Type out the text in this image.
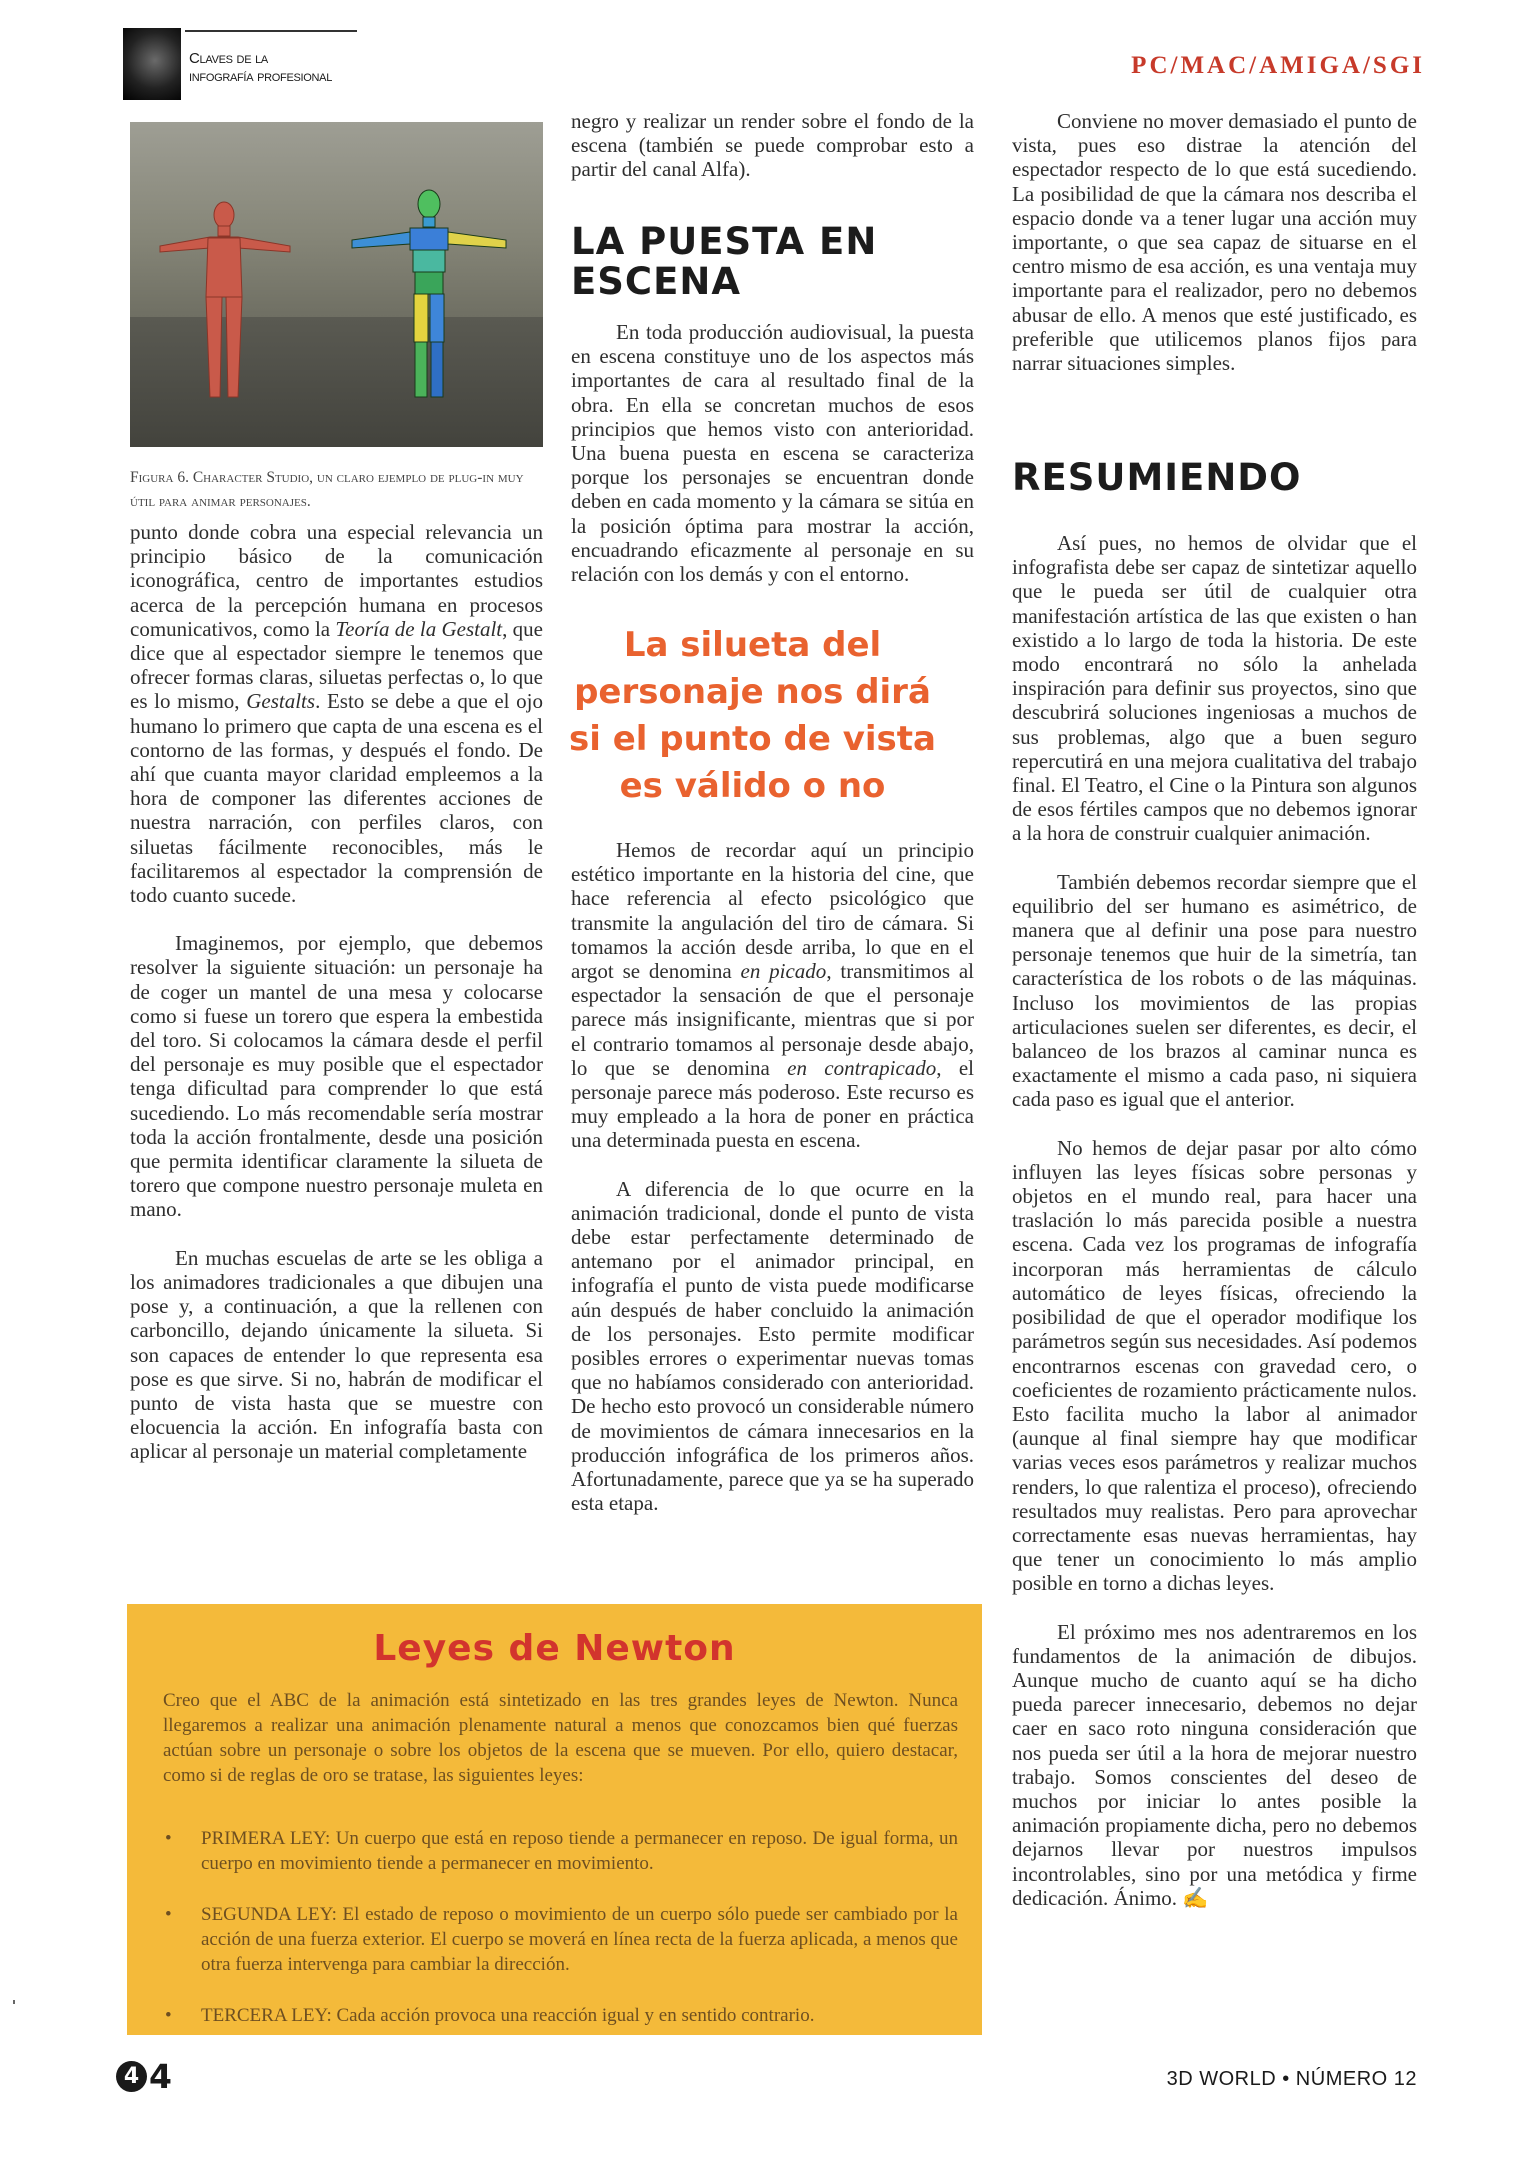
Claves de la
infografía profesional	PC/MAC/AMIGA/SGI
Figura 6. Character Studio, un claro ejemplo de plug-in muy útil para animar personajes.

punto donde cobra una especial relevancia un principio básico de la comunicación iconográfica, centro de importantes estudios acerca de la percepción humana en procesos comunicativos, como la Teoría de la Gestalt, que dice que al espectador siempre le tenemos que ofrecer formas claras, siluetas perfectas o, lo que es lo mismo, Gestalts. Esto se debe a que el ojo humano lo primero que capta de una escena es el contorno de las formas, y después el fondo. De ahí que cuanta mayor claridad empleemos a la hora de componer las diferentes acciones de nuestra narración, con perfiles claros, con siluetas fácilmente reconocibles, más le facilitaremos al espectador la comprensión de todo cuanto sucede.

Imaginemos, por ejemplo, que debemos resolver la siguiente situación: un personaje ha de coger un mantel de una mesa y colocarse como si fuese un torero que espera la embestida del toro. Si colocamos la cámara desde el perfil del personaje es muy posible que el espectador tenga dificultad para comprender lo que está sucediendo. Lo más recomendable sería mostrar toda la acción frontalmente, desde una posición que permita identificar claramente la silueta de torero que compone nuestro personaje muleta en mano.

En muchas escuelas de arte se les obliga a los animadores tradicionales a que dibujen una pose y, a continuación, a que la rellenen con carboncillo, dejando únicamente la silueta. Si son capaces de entender lo que representa esa pose es que sirve. Si no, habrán de modificar el punto de vista hasta que se muestre con elocuencia la acción. En infografía basta con aplicar al personaje un material completamente

negro y realizar un render sobre el fondo de la escena (también se puede comprobar esto a partir del canal Alfa).

LA PUESTA EN ESCENA

En toda producción audiovisual, la puesta en escena constituye uno de los aspectos más importantes de cara al resultado final de la obra. En ella se concretan muchos de esos principios que hemos visto con anterioridad. Una buena puesta en escena se caracteriza porque los personajes se encuentran donde deben en cada momento y la cámara se sitúa en la posición óptima para mostrar la acción, encuadrando eficazmente al personaje en su relación con los demás y con el entorno.

La silueta del personaje nos dirá si el punto de vista es válido o no

Hemos de recordar aquí un principio estético importante en la historia del cine, que hace referencia al efecto psicológico que transmite la angulación del tiro de cámara. Si tomamos la acción desde arriba, lo que en el argot se denomina en picado, transmitimos al espectador la sensación de que el personaje parece más insignificante, mientras que si por el contrario tomamos al personaje desde abajo, lo que se denomina en contrapicado, el personaje parece más poderoso. Este recurso es muy empleado a la hora de poner en práctica una determinada puesta en escena.

A diferencia de lo que ocurre en la animación tradicional, donde el punto de vista debe estar perfectamente determinado de antemano por el animador principal, en infografía el punto de vista puede modificarse aún después de haber concluido la animación de los personajes. Esto permite modificar posibles errores o experimentar nuevas tomas que no habíamos considerado con anterioridad. De hecho esto provocó un considerable número de movimientos de cámara innecesarios en la producción infográfica de los primeros años. Afortunadamente, parece que ya se ha superado esta etapa.

Conviene no mover demasiado el punto de vista, pues eso distrae la atención del espectador respecto de lo que está sucediendo. La posibilidad de que la cámara nos describa el espacio donde va a tener lugar una acción muy importante, o que sea capaz de situarse en el centro mismo de esa acción, es una ventaja muy importante para el realizador, pero no debemos abusar de ello. A menos que esté justificado, es preferible que utilicemos planos fijos para narrar situaciones simples.

RESUMIENDO

Así pues, no hemos de olvidar que el infografista debe ser capaz de sintetizar aquello que le pueda ser útil de cualquier otra manifestación artística de las que existen o han existido a lo largo de toda la historia. De este modo encontrará no sólo la anhelada inspiración para definir sus proyectos, sino que descubrirá soluciones ingeniosas a muchos de sus problemas, algo que a buen seguro repercutirá en una mejora cualitativa del trabajo final. El Teatro, el Cine o la Pintura son algunos de esos fértiles campos que no debemos ignorar a la hora de construir cualquier animación.

También debemos recordar siempre que el equilibrio del ser humano es asimétrico, de manera que al definir una pose para nuestro personaje tenemos que huir de la simetría, tan característica de los robots o de las máquinas. Incluso los movimientos de las propias articulaciones suelen ser diferentes, es decir, el balanceo de los brazos al caminar nunca es exactamente el mismo a cada paso, ni siquiera cada paso es igual que el anterior.

No hemos de dejar pasar por alto cómo influyen las leyes físicas sobre personas y objetos en el mundo real, para hacer una traslación lo más parecida posible a nuestra escena. Cada vez los programas de infografía incorporan más herramientas de cálculo automático de leyes físicas, ofreciendo la posibilidad de que el operador modifique los parámetros según sus necesidades. Así podemos encontrarnos escenas con gravedad cero, o coeficientes de rozamiento prácticamente nulos. Esto facilita mucho la labor al animador (aunque al final siempre hay que modificar varias veces esos parámetros y realizar muchos renders, lo que ralentiza el proceso), ofreciendo resultados muy realistas. Pero para aprovechar correctamente esas nuevas herramientas, hay que tener un conocimiento lo más amplio posible en torno a dichas leyes.

El próximo mes nos adentraremos en los fundamentos de la animación de dibujos. Aunque mucho de cuanto aquí se ha dicho pueda parecer innecesario, debemos no dejar caer en saco roto ninguna consideración que nos pueda ser útil a la hora de mejorar nuestro trabajo. Somos conscientes del deseo de muchos por iniciar lo antes posible la animación propiamente dicha, pero no debemos dejarnos llevar por nuestros impulsos incontrolables, sino por una metódica y firme dedicación. Ánimo. ✍

Leyes de Newton

Creo que el ABC de la animación está sintetizado en las tres grandes leyes de Newton. Nunca llegaremos a realizar una animación plenamente natural a menos que conozcamos bien qué fuerzas actúan sobre un personaje o sobre los objetos de la escena que se mueven. Por ello, quiero destacar, como si de reglas de oro se tratase, las siguientes leyes:

• PRIMERA LEY: Un cuerpo que está en reposo tiende a permanecer en reposo. De igual forma, un cuerpo en movimiento tiende a permanecer en movimiento.
• SEGUNDA LEY: El estado de reposo o movimiento de un cuerpo sólo puede ser cambiado por la acción de una fuerza exterior. El cuerpo se moverá en línea recta de la fuerza aplicada, a menos que otra fuerza intervenga para cambiar la dirección.
• TERCERA LEY: Cada acción provoca una reacción igual y en sentido contrario.
4 4	3D WORLD • NÚMERO 12
